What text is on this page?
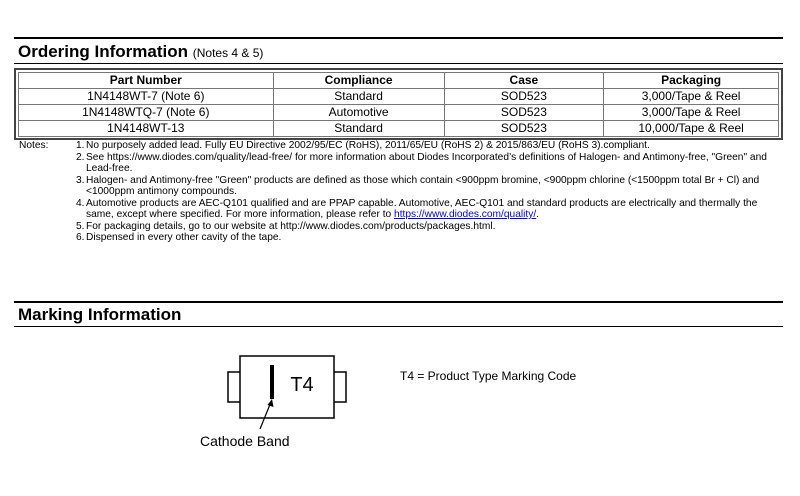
Ordering Information (Notes 4 & 5)
Part Number	Compliance	Case	Packaging
1N4148WT-7 (Note 6)	Standard	SOD523	3,000/Tape & Reel
1N4148WTQ-7 (Note 6)	Automotive	SOD523	3,000/Tape & Reel
1N4148WT-13	Standard	SOD523	10,000/Tape & Reel
Notes:	1. No purposely added lead. Fully EU Directive 2002/95/EC (RoHS), 2011/65/EU (RoHS 2) & 2015/863/EU (RoHS 3).compliant.
2. See https://www.diodes.com/quality/lead-free/ for more information about Diodes Incorporated’s definitions of Halogen- and Antimony-free, "Green" and Lead-free.
3. Halogen- and Antimony-free "Green" products are defined as those which contain <900ppm bromine, <900ppm chlorine (<1500ppm total Br + Cl) and <1000ppm antimony compounds.
4. Automotive products are AEC-Q101 qualified and are PPAP capable. Automotive, AEC-Q101 and standard products are electrically and thermally the same, except where specified. For more information, please refer to https://www.diodes.com/quality/.
5. For packaging details, go to our website at http://www.diodes.com/products/packages.html.
6. Dispensed in every other cavity of the tape.
Marking Information
T4	T4 = Product Type Marking Code
Cathode Band
